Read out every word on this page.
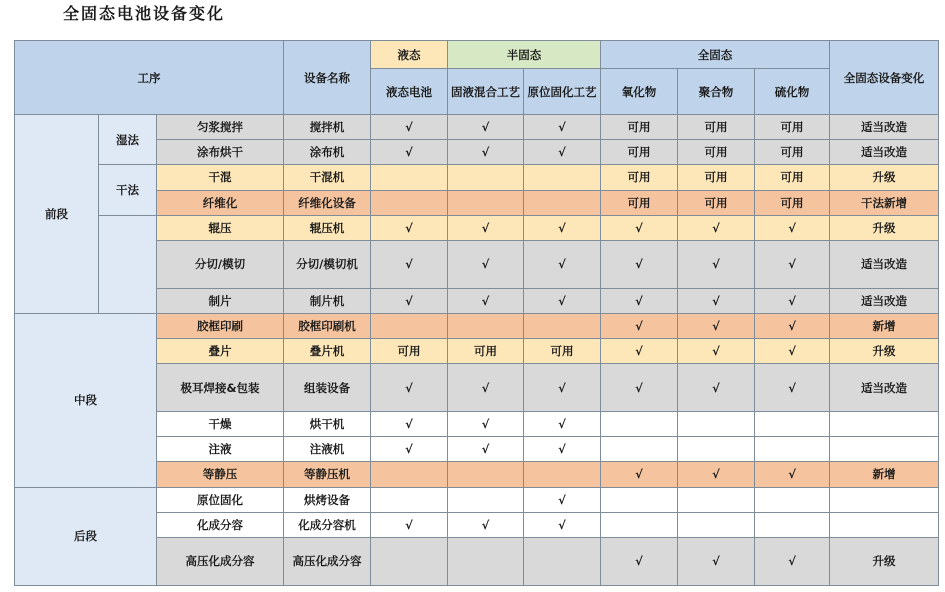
全固态电池设备变化
工序			设备名称	液态	半固态		全固态			全固态设备变化
				液态电池	固液混合工艺	原位固化工艺	氧化物	聚合物	硫化物	
前段	湿法	匀浆搅拌	搅拌机	√	√	√	可用	可用	可用	适当改造
		涂布烘干	涂布机	√	√	√	可用	可用	可用	适当改造
	干法	干混	干混机				可用	可用	可用	升级
		纤维化	纤维化设备				可用	可用	可用	干法新增
		辊压	辊压机	√	√	√	√	√	√	升级
		分切/模切	分切/模切机	√	√	√	√	√	√	适当改造
		制片	制片机	√	√	√	√	√	√	适当改造
中段		胶框印刷	胶框印刷机				√	√	√	新增
		叠片	叠片机	可用	可用	可用	√	√	√	升级
		极耳焊接&包装	组装设备	√	√	√	√	√	√	适当改造
		干燥	烘干机	√	√	√				
		注液	注液机	√	√	√				
		等静压	等静压机				√	√	√	新增
后段		原位固化	烘烤设备			√				
		化成分容	化成分容机	√	√	√				
		高压化成分容	高压化成分容				√	√	√	升级
